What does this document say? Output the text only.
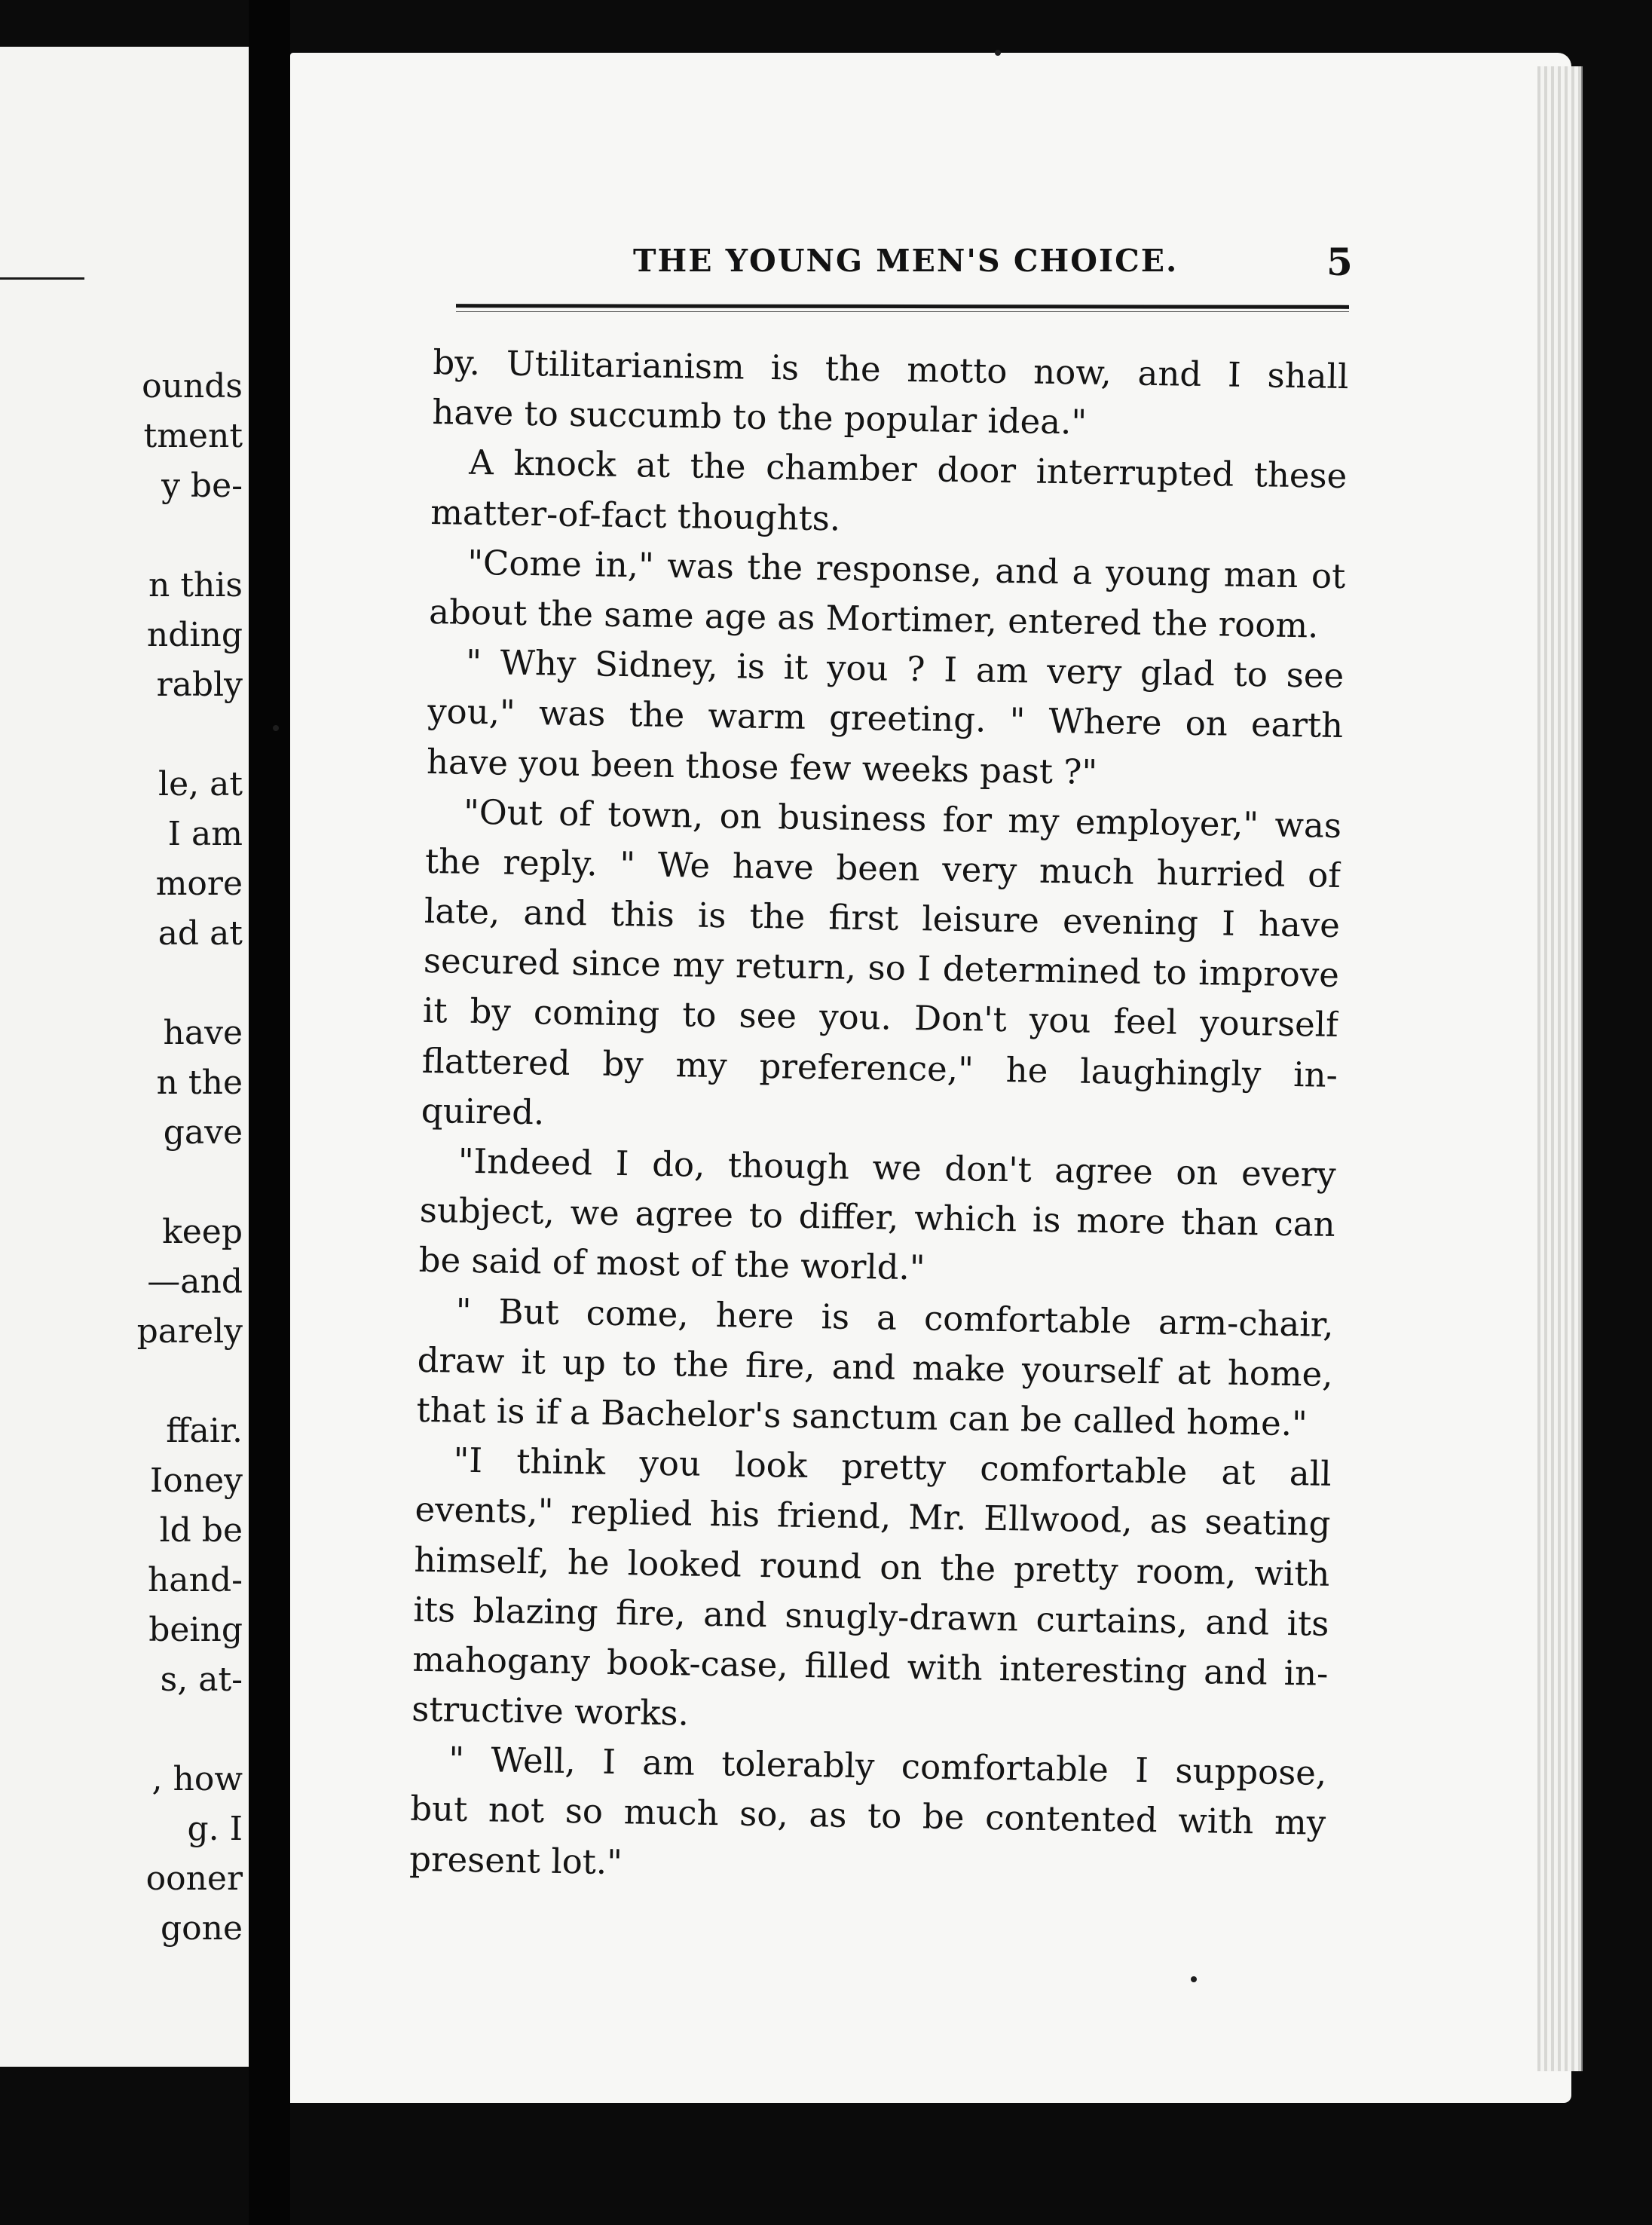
ounds
tment
y be-
n this
nding
rably
le, at
I am
more
ad at
have
n the
gave
keep
—and
parely
ffair.
Ioney
ld be
hand-
being
s, at-
, how
g. I
ooner
gone
THE YOUNG MEN'S CHOICE.	5
by. Utilitarianism is the motto now, and I shall
have to succumb to the popular idea."
A knock at the chamber door interrupted these
matter-of-fact thoughts.
"Come in," was the response, and a young man ot
about the same age as Mortimer, entered the room.
" Why Sidney, is it you ? I am very glad to see
you," was the warm greeting. " Where on earth
have you been those few weeks past ?"
"Out of town, on business for my employer," was
the reply. " We have been very much hurried of
late, and this is the first leisure evening I have
secured since my return, so I determined to improve
it by coming to see you. Don't you feel yourself
flattered by my preference," he laughingly in-
quired.
"Indeed I do, though we don't agree on every
subject, we agree to differ, which is more than can
be said of most of the world."
" But come, here is a comfortable arm-chair,
draw it up to the fire, and make yourself at home,
that is if a Bachelor's sanctum can be called home."
"I think you look pretty comfortable at all
events," replied his friend, Mr. Ellwood, as seating
himself, he looked round on the pretty room, with
its blazing fire, and snugly-drawn curtains, and its
mahogany book-case, filled with interesting and in-
structive works.
" Well, I am tolerably comfortable I suppose,
but not so much so, as to be contented with my
present lot."
